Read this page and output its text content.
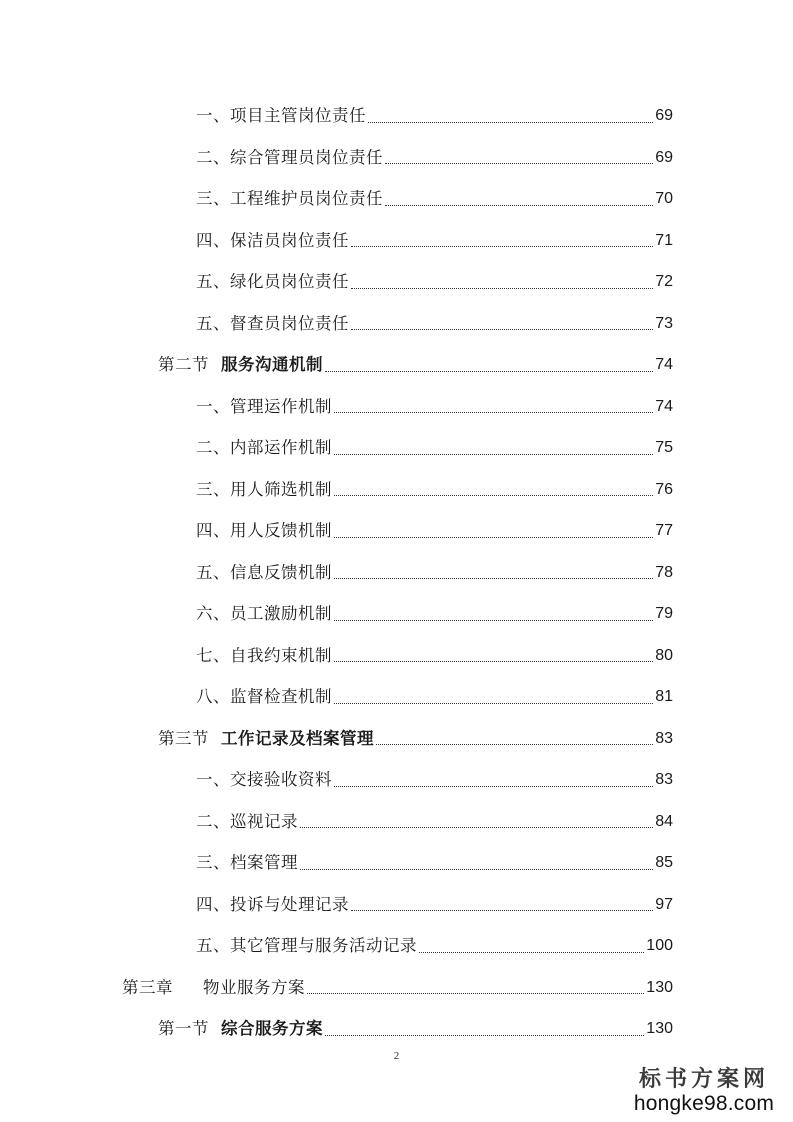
一、 项目主管岗位责任	69
二、 综合管理员岗位责任	69
三、 工程维护员岗位责任	70
四、 保洁员岗位责任	71
五、 绿化员岗位责任	72
五、 督查员岗位责任	73
第二节 服务沟通机制	74
一、 管理运作机制	74
二、 内部运作机制	75
三、 用人筛选机制	76
四、 用人反馈机制	77
五、 信息反馈机制	78
六、 员工激励机制	79
七、 自我约束机制	80
八、 监督检查机制	81
第三节 工作记录及档案管理	83
一、 交接验收资料	83
二、 巡视记录	84
三、 档案管理	85
四、 投诉与处理记录	97
五、 其它管理与服务活动记录	100
第三章 物业服务方案	130
第一节 综合服务方案	130
2
标书方案网
hongke98.com
